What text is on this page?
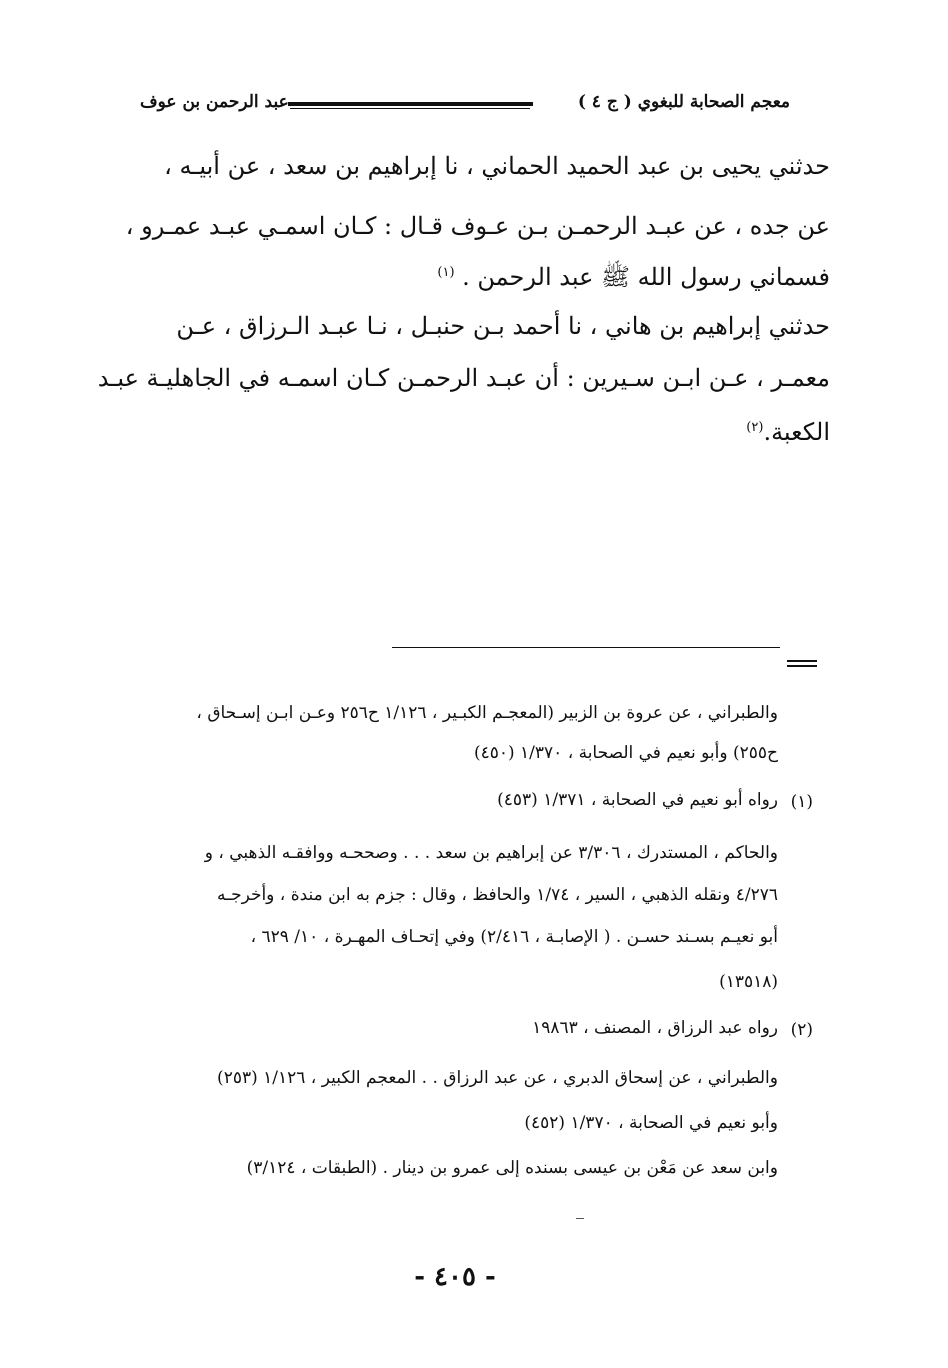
معجم الصحابة للبغوي ( ج ٤ )
عبد الرحمن بن عوف
حدثني يحيى بن عبد الحميد الحماني ، نا إبراهيم بن سعد ، عن أبيـه ،
عن جده ، عن عبـد الرحمـن بـن عـوف قـال : كـان اسمـي عبـد عمـرو ،
فسماني رسول الله ﷺ عبد الرحمن . $^{(١)}$
حدثني إبراهيم بن هاني ، نا أحمد بـن حنبـل ، نـا عبـد الـرزاق ، عـن
معمـر ، عـن ابـن سـيرين : أن عبـد الرحمـن كـان اسمـه في الجاهليـة عبـد
الكعبة.$^{(٢)}$
والطبراني ، عن عروة بن الزبير (المعجـم الكبـير ، ١/١٢٦ ح٢٥٦ وعـن ابـن إسـحاق ،
ح٢٥٥) وأبو نعيم في الصحابة ، ١/٣٧٠ (٤٥٠)
(١)
رواه أبو نعيم في الصحابة ، ١/٣٧١ (٤٥٣)
والحاكم ، المستدرك ، ٣/٣٠٦ عن إبراهيم بن سعد . . . وصححـه ووافقـه الذهبي ، و
٤/٢٧٦ ونقله الذهبي ، السير ، ١/٧٤ والحافظ ، وقال : جزم به ابن مندة ، وأخرجـه
أبو نعيـم بسـند حسـن . ( الإصابـة ، ٢/٤١٦) وفي إتحـاف المهـرة ، ١٠/ ٦٢٩ ،
(١٣٥١٨)
(٢)
رواه عبد الرزاق ، المصنف ، ١٩٨٦٣
والطبراني ، عن إسحاق الدبري ، عن عبد الرزاق . . المعجم الكبير ، ١/١٢٦ (٢٥٣)
وأبو نعيم في الصحابة ، ١/٣٧٠ (٤٥٢)
وابن سعد عن مَعْن بن عيسى بسنده إلى عمرو بن دينار . (الطبقات ، ٣/١٢٤)
- ٤٠٥ -
